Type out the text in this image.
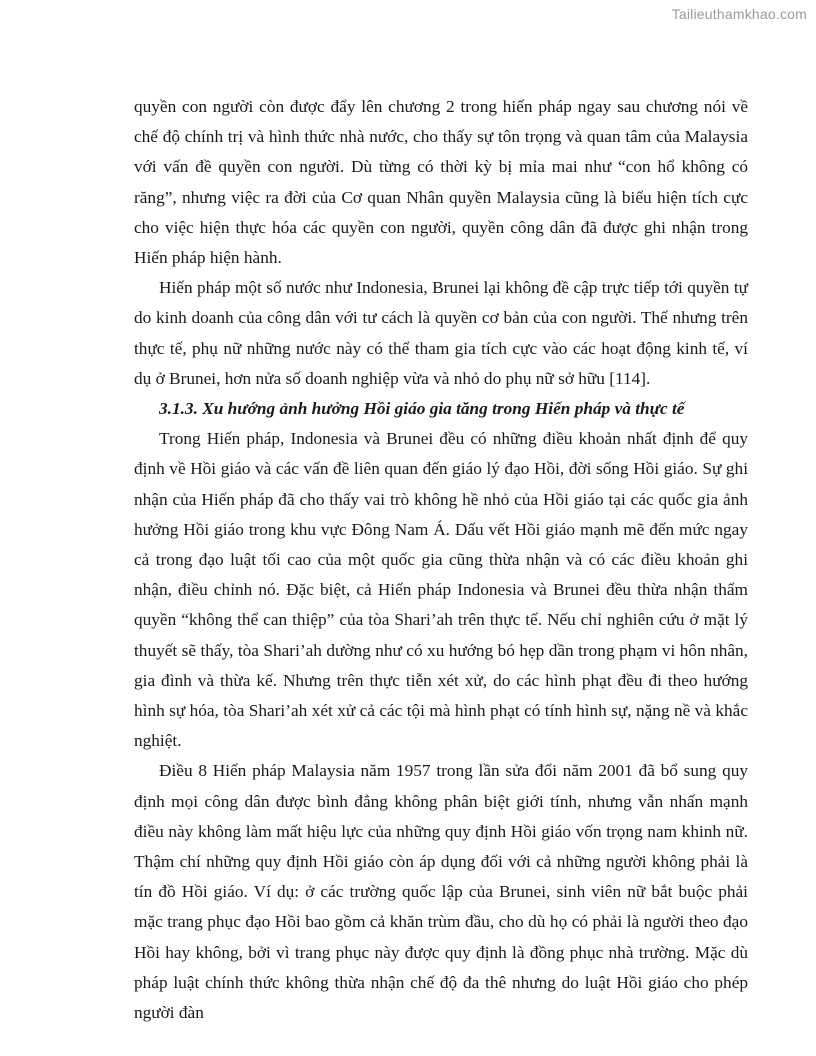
Tailieuthamkhao.com

quyền con người còn được đẩy lên chương 2 trong hiến pháp ngay sau chương nói về chế độ chính trị và hình thức nhà nước, cho thấy sự tôn trọng và quan tâm của Malaysia với vấn đề quyền con người. Dù từng có thời kỳ bị mỉa mai như “con hổ không có răng”, nhưng việc ra đời của Cơ quan Nhân quyền Malaysia cũng là biểu hiện tích cực cho việc hiện thực hóa các quyền con người, quyền công dân đã được ghi nhận trong Hiến pháp hiện hành.

Hiến pháp một số nước như Indonesia, Brunei lại không đề cập trực tiếp tới quyền tự do kinh doanh của công dân với tư cách là quyền cơ bản của con người. Thế nhưng trên thực tế, phụ nữ những nước này có thể tham gia tích cực vào các hoạt động kinh tế, ví dụ ở Brunei, hơn nửa số doanh nghiệp vừa và nhỏ do phụ nữ sở hữu [114].

3.1.3. Xu hướng ảnh hưởng Hồi giáo gia tăng trong Hiến pháp và thực tế

Trong Hiến pháp, Indonesia và Brunei đều có những điều khoản nhất định để quy định về Hồi giáo và các vấn đề liên quan đến giáo lý đạo Hồi, đời sống Hồi giáo. Sự ghi nhận của Hiến pháp đã cho thấy vai trò không hề nhỏ của Hồi giáo tại các quốc gia ảnh hưởng Hồi giáo trong khu vực Đông Nam Á. Dấu vết Hồi giáo mạnh mẽ đến mức ngay cả trong đạo luật tối cao của một quốc gia cũng thừa nhận và có các điều khoản ghi nhận, điều chỉnh nó. Đặc biệt, cả Hiến pháp Indonesia và Brunei đều thừa nhận thẩm quyền “không thể can thiệp” của tòa Shari’ah trên thực tế. Nếu chỉ nghiên cứu ở mặt lý thuyết sẽ thấy, tòa Shari’ah dường như có xu hướng bó hẹp dần trong phạm vi hôn nhân, gia đình và thừa kế. Nhưng trên thực tiễn xét xử, do các hình phạt đều đi theo hướng hình sự hóa, tòa Shari’ah xét xử cả các tội mà hình phạt có tính hình sự, nặng nề và khắc nghiệt.

Điều 8 Hiến pháp Malaysia năm 1957 trong lần sửa đổi năm 2001 đã bổ sung quy định mọi công dân được bình đẳng không phân biệt giới tính, nhưng vẫn nhấn mạnh điều này không làm mất hiệu lực của những quy định Hồi giáo vốn trọng nam khinh nữ. Thậm chí những quy định Hồi giáo còn áp dụng đối với cả những người không phải là tín đồ Hồi giáo. Ví dụ: ở các trường quốc lập của Brunei, sinh viên nữ bắt buộc phải mặc trang phục đạo Hồi bao gồm cả khăn trùm đầu, cho dù họ có phải là người theo đạo Hồi hay không, bởi vì trang phục này được quy định là đồng phục nhà trường. Mặc dù pháp luật chính thức không thừa nhận chế độ đa thê nhưng do luật Hồi giáo cho phép người đàn
